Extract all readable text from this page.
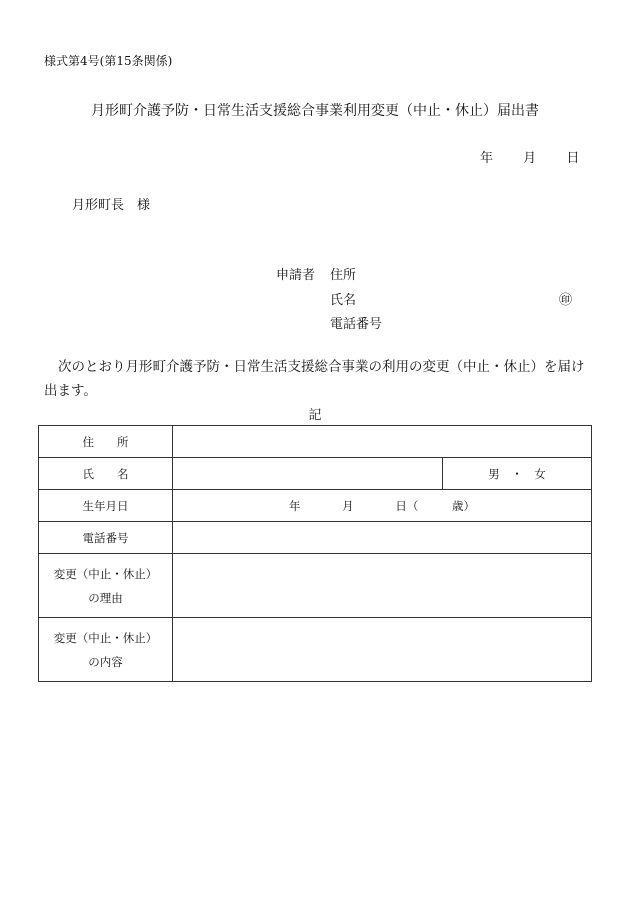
様式第4号(第15条関係)
月形町介護予防・日常生活支援総合事業利用変更（中止・休止）届出書
年 月 日
月形町長　様
申請者 住所
氏名	㊞
電話番号
次のとおり月形町介護予防・日常生活支援総合事業の利用の変更（中止・休止）を届け出ます。
記
住　　所		
氏　　名		男　・　女
生年月日	年 月 日（ 歳）	
電話番号		

変更（中止・休止）
の理由		

変更（中止・休止）
の内容		
